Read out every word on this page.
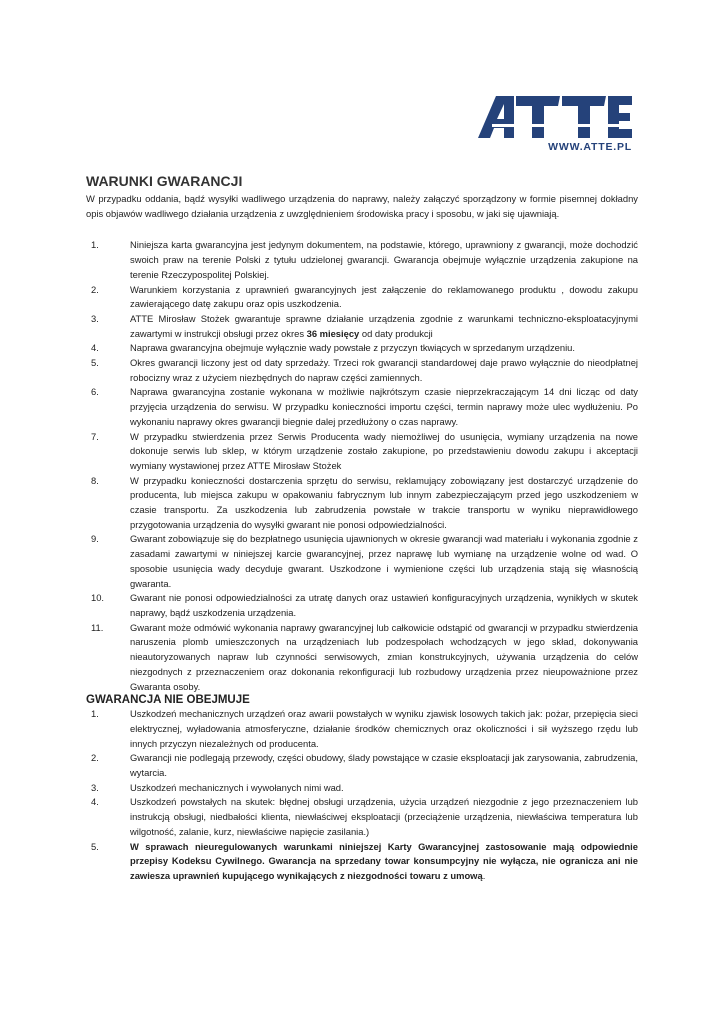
WWW.ATTE.PL
WARUNKI GWARANCJI

W przypadku oddania, bądź wysyłki wadliwego urządzenia do naprawy, należy załączyć sporządzony w formie pisemnej dokładny opis objawów wadliwego działania urządzenia z uwzględnieniem środowiska pracy i sposobu, w jaki się ujawniają.

1.	Niniejsza karta gwarancyjna jest jedynym dokumentem, na podstawie, którego, uprawniony z gwarancji, może dochodzić swoich praw na terenie Polski z tytułu udzielonej gwarancji. Gwarancja obejmuje wyłącznie urządzenia zakupione na terenie Rzeczypospolitej Polskiej.
2.	Warunkiem korzystania z uprawnień gwarancyjnych jest załączenie do reklamowanego produktu , dowodu zakupu zawierającego datę zakupu oraz opis uszkodzenia.
3.	ATTE Mirosław Stożek gwarantuje sprawne działanie urządzenia zgodnie z warunkami techniczno-eksploatacyjnymi zawartymi w instrukcji obsługi przez okres 36 miesięcy od daty produkcji
4.	Naprawa gwarancyjna obejmuje wyłącznie wady powstałe z przyczyn tkwiących w sprzedanym urządzeniu.
5.	Okres gwarancji liczony jest od daty sprzedaży. Trzeci rok gwarancji standardowej daje prawo wyłącznie do nieodpłatnej robocizny wraz z użyciem niezbędnych do napraw części zamiennych.
6.	Naprawa gwarancyjna zostanie wykonana w możliwie najkrótszym czasie nieprzekraczającym 14 dni licząc od daty przyjęcia urządzenia do serwisu. W przypadku konieczności importu części, termin naprawy może ulec wydłużeniu. Po wykonaniu naprawy okres gwarancji biegnie dalej przedłużony o czas naprawy.
7.	W przypadku stwierdzenia przez Serwis Producenta wady niemożliwej do usunięcia, wymiany urządzenia na nowe dokonuje serwis lub sklep, w którym urządzenie zostało zakupione, po przedstawieniu dowodu zakupu i akceptacji wymiany wystawionej przez ATTE Mirosław Stożek
8.	W przypadku konieczności dostarczenia sprzętu do serwisu, reklamujący zobowiązany jest dostarczyć urządzenie do producenta, lub miejsca zakupu w opakowaniu fabrycznym lub innym zabezpieczającym przed jego uszkodzeniem w czasie transportu. Za uszkodzenia lub zabrudzenia powstałe w trakcie transportu w wyniku nieprawidłowego przygotowania urządzenia do wysyłki gwarant nie ponosi odpowiedzialności.
9.	Gwarant zobowiązuje się do bezpłatnego usunięcia ujawnionych w okresie gwarancji wad materiału i wykonania zgodnie z zasadami zawartymi w niniejszej karcie gwarancyjnej, przez naprawę lub wymianę na urządzenie wolne od wad. O sposobie usunięcia wady decyduje gwarant. Uszkodzone i wymienione części lub urządzenia stają się własnością gwaranta.
10.	Gwarant nie ponosi odpowiedzialności za utratę danych oraz ustawień konfiguracyjnych urządzenia, wynikłych w skutek naprawy, bądź uszkodzenia urządzenia.
11.	Gwarant może odmówić wykonania naprawy gwarancyjnej lub całkowicie odstąpić od gwarancji w przypadku stwierdzenia naruszenia plomb umieszczonych na urządzeniach lub podzespołach wchodzących w jego skład, dokonywania nieautoryzowanych napraw lub czynności serwisowych, zmian konstrukcyjnych, używania urządzenia do celów niezgodnych z przeznaczeniem oraz dokonania rekonfiguracji lub rozbudowy urządzenia przez nieupoważnione przez Gwaranta osoby.
GWARANCJA NIE OBEJMUJE
1.	Uszkodzeń mechanicznych urządzeń oraz awarii powstałych w wyniku zjawisk losowych takich jak: pożar, przepięcia sieci elektrycznej, wyładowania atmosferyczne, działanie środków chemicznych oraz okoliczności i sił wyższego rzędu lub innych przyczyn niezależnych od producenta.
2.	Gwarancji nie podlegają przewody, części obudowy, ślady powstające w czasie eksploatacji jak zarysowania, zabrudzenia, wytarcia.
3.	Uszkodzeń mechanicznych i wywołanych nimi wad.
4.	Uszkodzeń powstałych na skutek: błędnej obsługi urządzenia, użycia urządzeń niezgodnie z jego przeznaczeniem lub instrukcją obsługi, niedbałości klienta, niewłaściwej eksploatacji (przeciążenie urządzenia, niewłaściwa temperatura lub wilgotność, zalanie, kurz, niewłaściwe napięcie zasilania.)
5.	W sprawach nieuregulowanych warunkami niniejszej Karty Gwarancyjnej zastosowanie mają odpowiednie przepisy Kodeksu Cywilnego. Gwarancja na sprzedany towar konsumpcyjny nie wyłącza, nie ogranicza ani nie zawiesza uprawnień kupującego wynikających z niezgodności towaru z umową.
